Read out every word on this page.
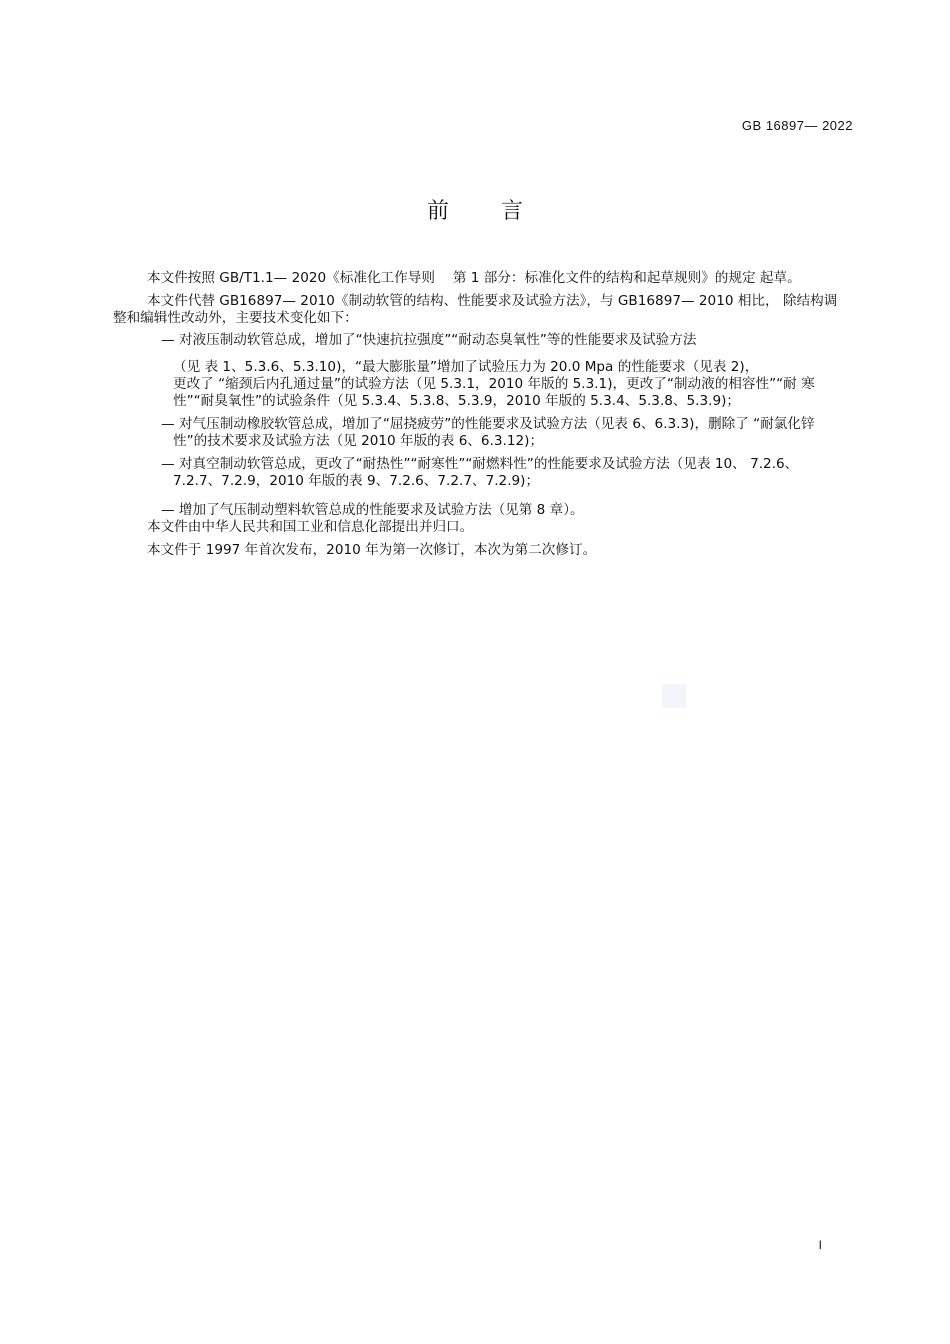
GB 16897— 2022
前言

本文件按照 GB/T1.1— 2020《标准化工作导则　 第 1 部分：标准化文件的结构和起草规则》的规定 起草。

本文件代替 GB16897— 2010《制动软管的结构、性能要求及试验方法》，与 GB16897— 2010 相比， 除结构调整和编辑性改动外，主要技术变化如下：

— 对液压制动软管总成，增加了“快速抗拉强度”“耐动态臭氧性”等的性能要求及试验方法
（见 表 1、5.3.6、5.3.10)，“最大膨胀量”增加了试验压力为 20.0 Mpa 的性能要求（见表 2)，
更改了 “缩颈后内孔通过量”的试验方法（见 5.3.1，2010 年版的 5.3.1)，更改了“制动液的相容性”“耐 寒性”“耐臭氧性”的试验条件（见 5.3.4、5.3.8、5.3.9，2010 年版的 5.3.4、5.3.8、5.3.9)；
— 对气压制动橡胶软管总成，增加了“屈挠疲劳”的性能要求及试验方法（见表 6、6.3.3)，删除了 “耐氯化锌性”的技术要求及试验方法（见 2010 年版的表 6、6.3.12)；
— 对真空制动软管总成，更改了“耐热性”“耐寒性”“耐燃料性”的性能要求及试验方法（见表 10、 7.2.6、7.2.7、7.2.9，2010 年版的表 9、7.2.6、7.2.7、7.2.9)；
— 增加了气压制动塑料软管总成的性能要求及试验方法（见第 8 章）。

本文件由中华人民共和国工业和信息化部提出并归口。

本文件于 1997 年首次发布，2010 年为第一次修订，本次为第二次修订。

I
